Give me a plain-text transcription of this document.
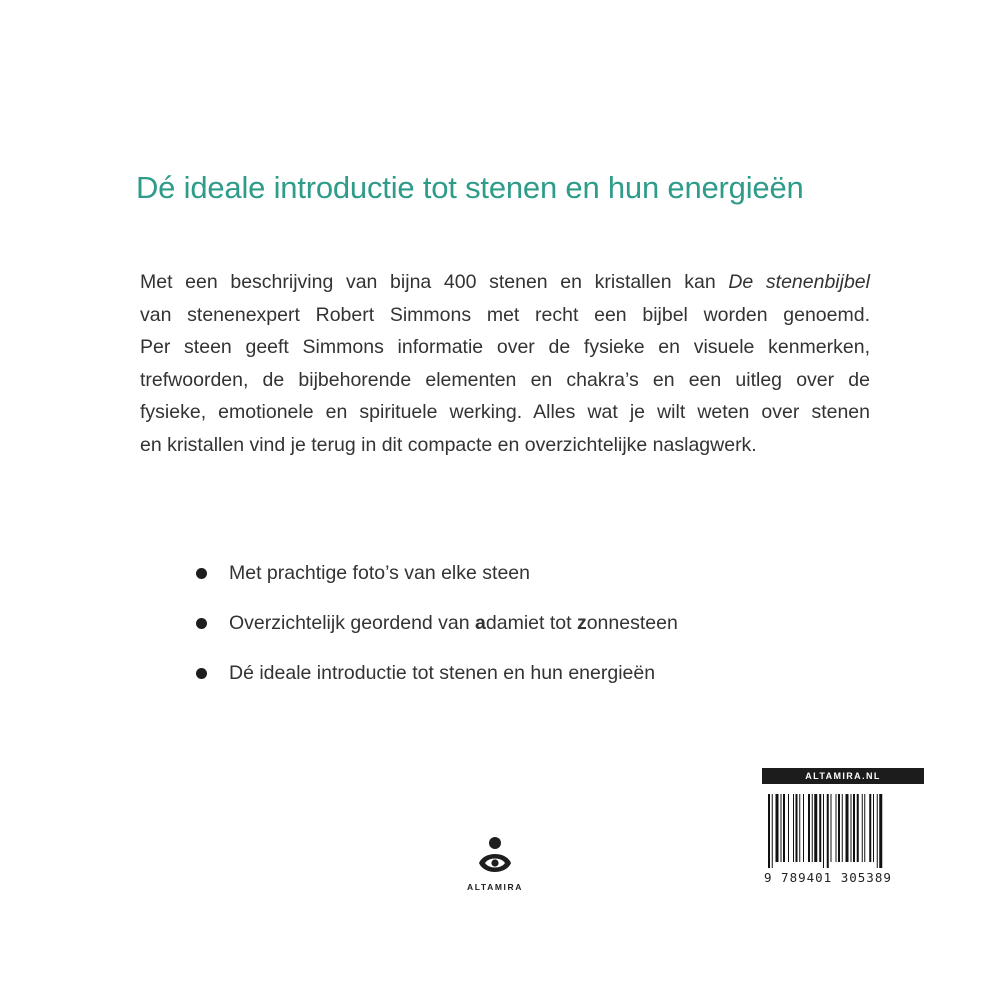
Dé ideale introductie tot stenen en hun energieën
Met een beschrijving van bijna 400 stenen en kristallen kan De stenenbijbel
van stenenexpert Robert Simmons met recht een bijbel worden genoemd.
Per steen geeft Simmons informatie over de fysieke en visuele kenmerken,
trefwoorden, de bijbehorende elementen en chakra’s en een uitleg over de
fysieke, emotionele en spirituele werking. Alles wat je wilt weten over stenen
en kristallen vind je terug in dit compacte en overzichtelijke naslagwerk.
Met prachtige foto’s van elke steen
Overzichtelijk geordend van adamiet tot zonnesteen
Dé ideale introductie tot stenen en hun energieën
ALTAMIRA
ALTAMIRA.NL
9 789401 305389
